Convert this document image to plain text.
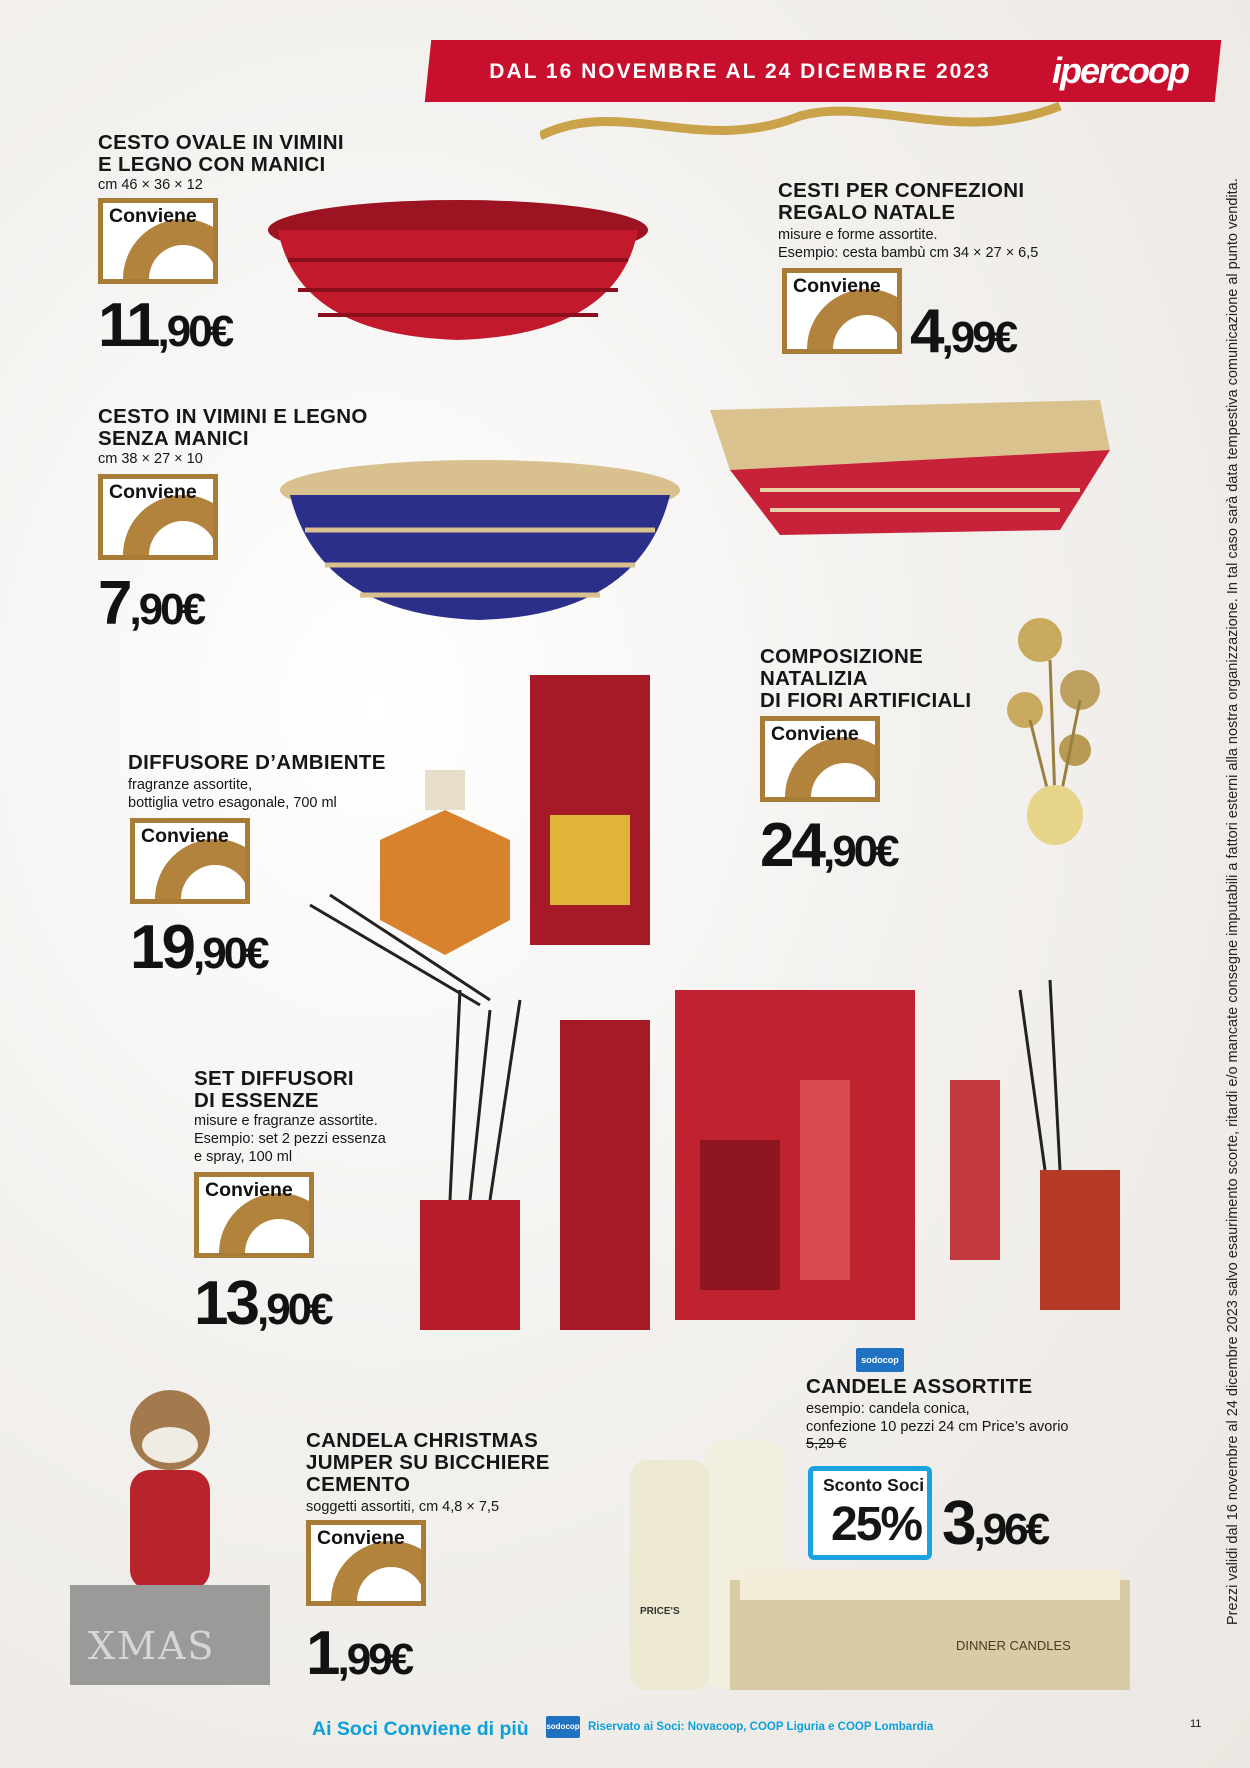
DAL 16 NOVEMBRE AL 24 DICEMBRE 2023	ipercoop
Prezzi validi dal 16 novembre al 24 dicembre 2023 salvo esaurimento scorte, ritardi e/o mancate consegne imputabili a fattori esterni alla nostra organizzazione. In tal caso sarà data tempestiva comunicazione al punto vendita.
CESTO OVALE IN VIMINI
E LEGNO CON MANICI
cm 46 × 36 × 12
Conviene
11,90€
CESTI PER CONFEZIONI
REGALO NATALE
misure e forme assortite.
Esempio: cesta bambù cm 34 × 27 × 6,5
Conviene
4,99€
CESTO IN VIMINI E LEGNO
SENZA MANICI
cm 38 × 27 × 10
Conviene
7,90€
COMPOSIZIONE
NATALIZIA
DI FIORI ARTIFICIALI
Conviene
24,90€
DIFFUSORE D’AMBIENTE
fragranze assortite,
bottiglia vetro esagonale, 700 ml
Conviene
19,90€
SET DIFFUSORI
DI ESSENZE
misure e fragranze assortite.
Esempio: set 2 pezzi essenza
e spray, 100 ml
Conviene
13,90€
sodocop
CANDELE ASSORTITE
esempio: candela conica,
confezione 10 pezzi 24 cm Price’s avorio
5,29 €
Sconto Soci
25% 3,96€
PRICE'S
DINNER CANDLES
CANDELA CHRISTMAS
JUMPER SU BICCHIERE
CEMENTO
soggetti assortiti, cm 4,8 × 7,5
Conviene
1,99€
XMAS
Ai Soci Conviene di più sodocop Riservato ai Soci: Novacoop, COOP Liguria e COOP Lombardia	11
